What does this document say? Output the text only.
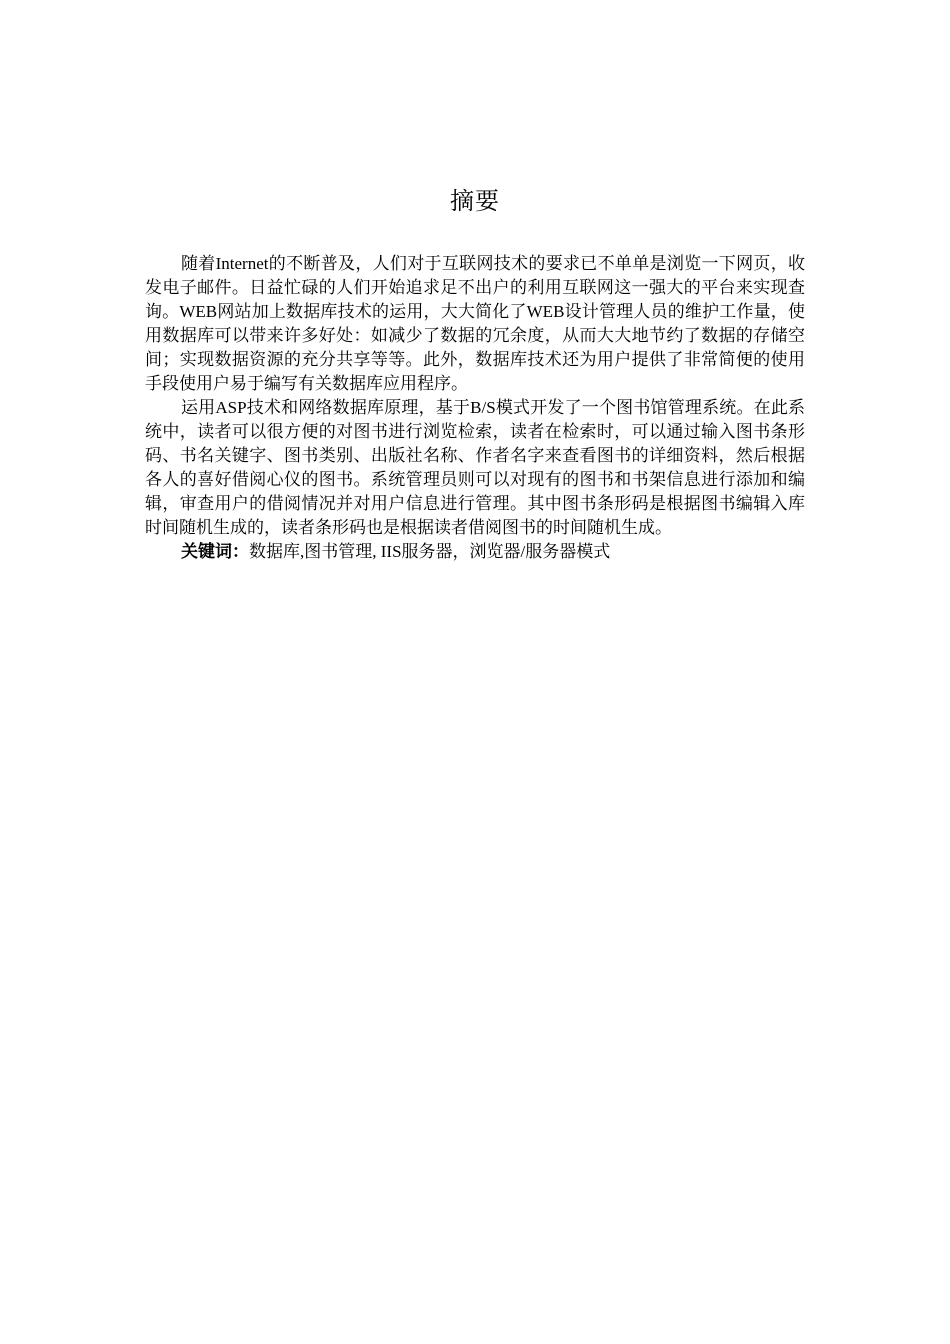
摘要

随着Internet的不断普及，人们对于互联网技术的要求已不单单是浏览一下网页，收发电子邮件。日益忙碌的人们开始追求足不出户的利用互联网这一强大的平台来实现查询。WEB网站加上数据库技术的运用，大大简化了WEB设计管理人员的维护工作量，使用数据库可以带来许多好处：如减少了数据的冗余度，从而大大地节约了数据的存储空间；实现数据资源的充分共享等等。此外，数据库技术还为用户提供了非常简便的使用手段使用户易于编写有关数据库应用程序。

运用ASP技术和网络数据库原理，基于B/S模式开发了一个图书馆管理系统。在此系统中，读者可以很方便的对图书进行浏览检索，读者在检索时，可以通过输入图书条形码、书名关键字、图书类别、出版社名称、作者名字来查看图书的详细资料，然后根据各人的喜好借阅心仪的图书。系统管理员则可以对现有的图书和书架信息进行添加和编辑，审查用户的借阅情况并对用户信息进行管理。其中图书条形码是根据图书编辑入库时间随机生成的，读者条形码也是根据读者借阅图书的时间随机生成。

关键词：数据库,图书管理, IIS服务器，浏览器/服务器模式
